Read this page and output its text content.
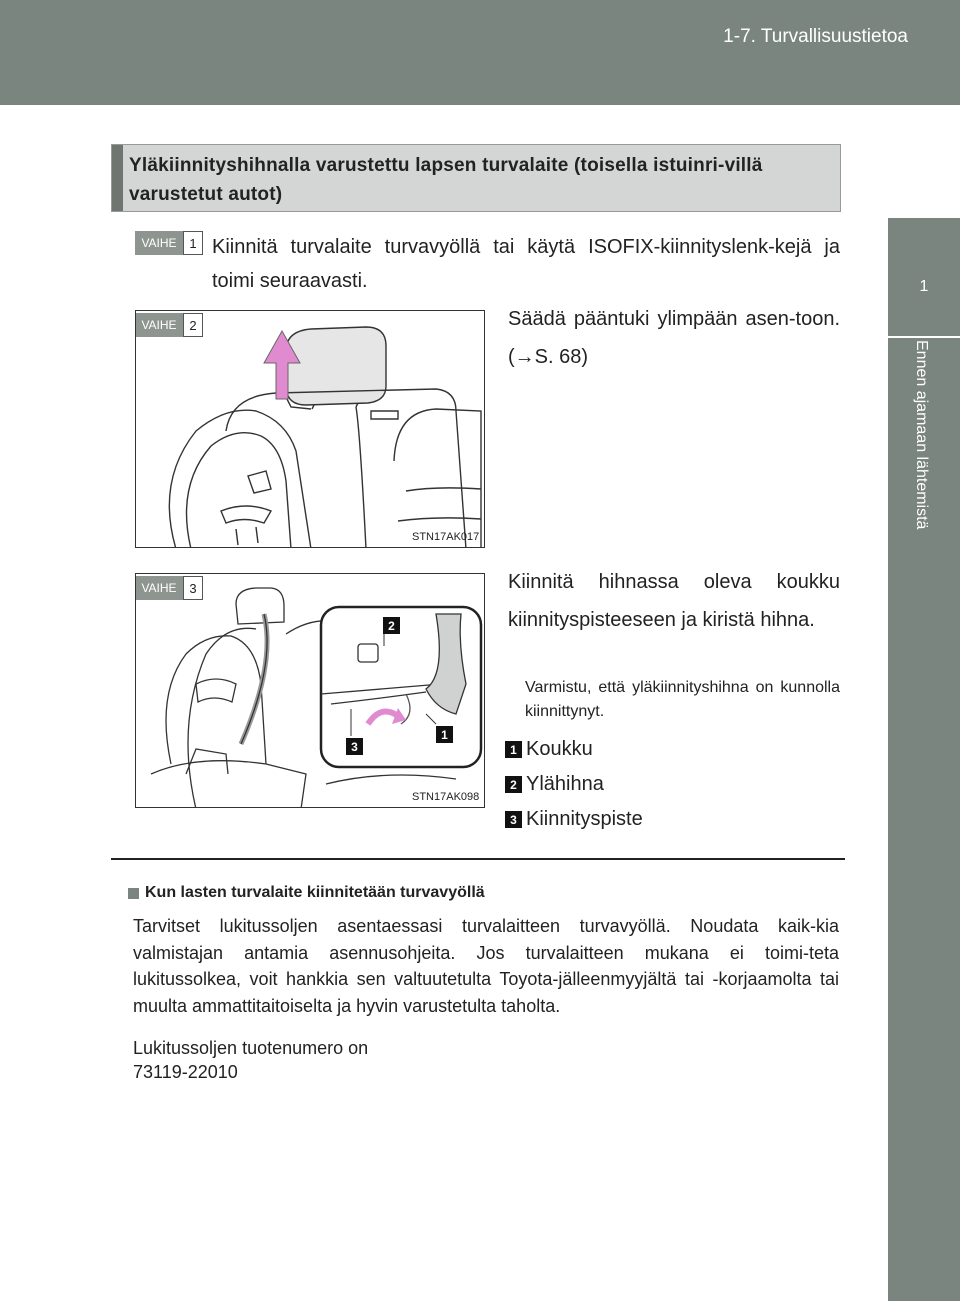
1-7. Turvallisuustietoa
1
Ennen ajamaan lähtemistä
137
Yläkiinnityshihnalla varustettu lapsen turvalaite (toisella istuinri-villä varustetut autot)
VAIHE 1 Kiinnitä turvalaite turvavyöllä tai käytä ISOFIX-kiinnityslenk-kejä ja toimi seuraavasti.
STN17AK017
VAIHE 2	Säädä pääntuki ylimpään asen-toon. (→S. 68)
2
1
3
STN17AK098
VAIHE 3	Kiinnitä hihnassa oleva koukku kiinnityspisteeseen ja kiristä hihna.
Varmistu, että yläkiinnityshihna on kunnolla kiinnittynyt.
1 Koukku
2 Ylähihna
3 Kiinnityspiste
Kun lasten turvalaite kiinnitetään turvavyöllä
Tarvitset lukitussoljen asentaessasi turvalaitteen turvavyöllä. Noudata kaik-kia valmistajan antamia asennusohjeita. Jos turvalaitteen mukana ei toimi-teta lukitussolkea, voit hankkia sen valtuutetulta Toyota-jälleenmyyjältä tai -korjaamolta tai muulta ammattitaitoiselta ja hyvin varustetulta taholta.
Lukitussoljen tuotenumero on
73119-22010
